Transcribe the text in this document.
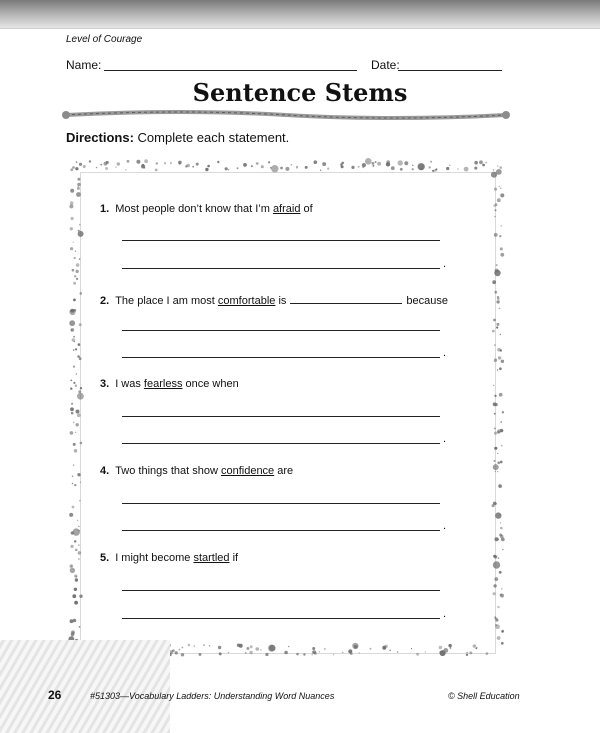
Level of Courage
Name:	Date:
Sentence Stems
Directions: Complete each statement.
1. Most people don’t know that I’m afraid of
.
2. The place I am most comfortable is	because
.
3. I was fearless once when
.
4. Two things that show confidence are
.
5. I might become startled if
.
26	#51303—Vocabulary Ladders: Understanding Word Nuances	© Shell Education
